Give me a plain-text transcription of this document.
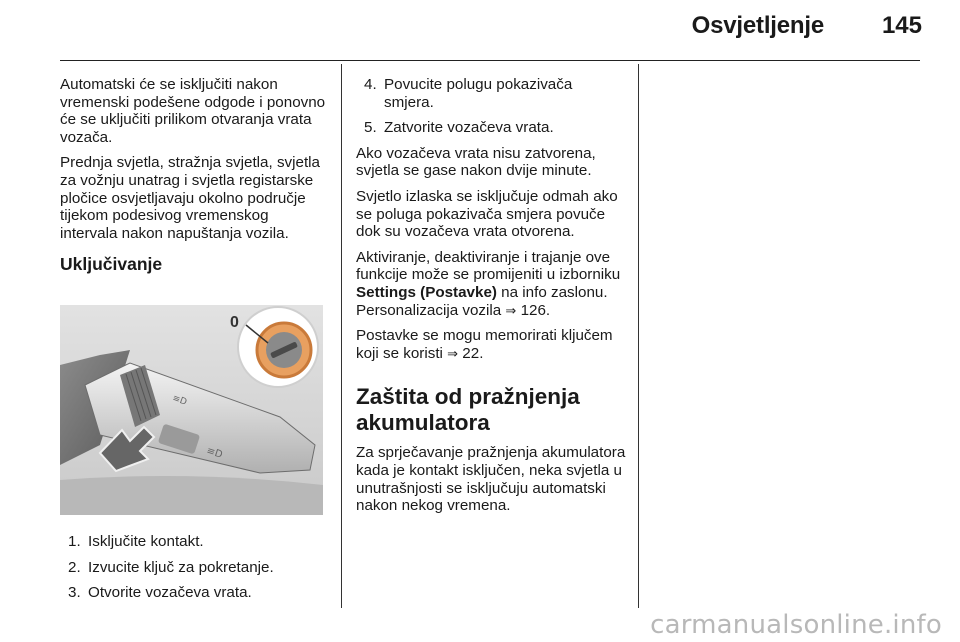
Osvjetljenje 145

Automatski će se isključiti nakon vremenski podešene odgode i ponovno će se uključiti prilikom otvaranja vrata vozača.

Prednja svjetla, stražnja svjetla, svjetla za vožnju unatrag i svjetla registarske pločice osvjetljavaju okolno područje tijekom podesivog vremenskog intervala nakon napuštanja vozila.

Uključivanje
≡D
≡D
0
1. Isključite kontakt.
2. Izvucite ključ za pokretanje.
3. Otvorite vozačeva vrata.
4. Povucite polugu pokazivača smjera.
5. Zatvorite vozačeva vrata.

Ako vozačeva vrata nisu zatvorena, svjetla se gase nakon dvije minute.

Svjetlo izlaska se isključuje odmah ako se poluga pokazivača smjera povuče dok su vozačeva vrata otvorena.

Aktiviranje, deaktiviranje i trajanje ove funkcije može se promijeniti u izborniku Settings (Postavke) na info zaslonu. Personalizacija vozila ⇒ 126.

Postavke se mogu memorirati ključem koji se koristi ⇒ 22.

Zaštita od pražnjenja akumulatora

Za sprječavanje pražnjenja akumulatora kada je kontakt isključen, neka svjetla u unutrašnjosti se isključuju automatski nakon nekog vremena.

carmanualsonline.info
